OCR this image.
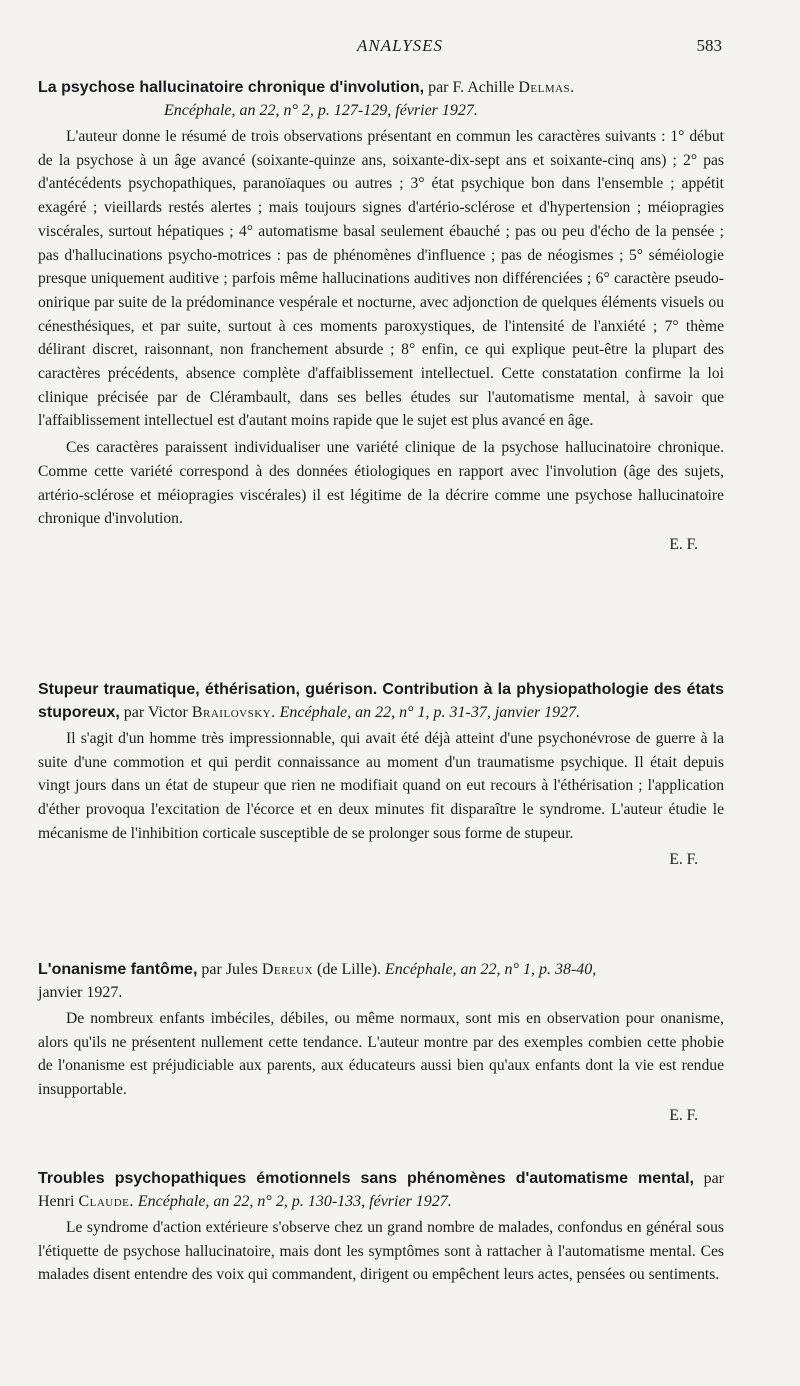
ANALYSES	583

La psychose hallucinatoire chronique d'involution, par F. Achille Delmas.
Encéphale, an 22, n° 2, p. 127-129, février 1927.

L'auteur donne le résumé de trois observations présentant en commun les caractères suivants : 1° début de la psychose à un âge avancé (soixante-quinze ans, soixante-dix-sept ans et soixante-cinq ans) ; 2° pas d'antécédents psychopathiques, paranoïaques ou autres ; 3° état psychique bon dans l'ensemble ; appétit exagéré ; vieillards restés alertes ; mais toujours signes d'artério-sclérose et d'hypertension ; méiopragies viscérales, surtout hépatiques ; 4° automatisme basal seulement ébauché ; pas ou peu d'écho de la pensée ; pas d'hallucinations psycho-motrices : pas de phénomènes d'influence ; pas de néogismes ; 5° séméiologie presque uniquement auditive ; parfois même hallucinations auditives non différenciées ; 6° caractère pseudo-onirique par suite de la prédominance vespérale et nocturne, avec adjonction de quelques éléments visuels ou cénesthésiques, et par suite, surtout à ces moments paroxystiques, de l'intensité de l'anxiété ; 7° thème délirant discret, raisonnant, non franchement absurde ; 8° enfin, ce qui explique peut-être la plupart des caractères précédents, absence complète d'affaiblissement intellectuel. Cette constatation confirme la loi clinique précisée par de Clérambault, dans ses belles études sur l'automatisme mental, à savoir que l'affaiblissement intellectuel est d'autant moins rapide que le sujet est plus avancé en âge.

Ces caractères paraissent individualiser une variété clinique de la psychose hallucinatoire chronique. Comme cette variété correspond à des données étiologiques en rapport avec l'involution (âge des sujets, artério-sclérose et méiopragies viscérales) il est légitime de la décrire comme une psychose hallucinatoire chronique d'involution.

E. F.

Stupeur traumatique, éthérisation, guérison. Contribution à la physiopathologie des états stuporeux, par Victor Brailovsky. Encéphale, an 22, n° 1, p. 31-37, janvier 1927.

Il s'agit d'un homme très impressionnable, qui avait été déjà atteint d'une psychonévrose de guerre à la suite d'une commotion et qui perdit connaissance au moment d'un traumatisme psychique. Il était depuis vingt jours dans un état de stupeur que rien ne modifiait quand on eut recours à l'éthérisation ; l'application d'éther provoqua l'excitation de l'écorce et en deux minutes fit disparaître le syndrome. L'auteur étudie le mécanisme de l'inhibition corticale susceptible de se prolonger sous forme de stupeur.

E. F.

L'onanisme fantôme, par Jules Dereux (de Lille). Encéphale, an 22, n° 1, p. 38-40,
janvier 1927.

De nombreux enfants imbéciles, débiles, ou même normaux, sont mis en observation pour onanisme, alors qu'ils ne présentent nullement cette tendance. L'auteur montre par des exemples combien cette phobie de l'onanisme est préjudiciable aux parents, aux éducateurs aussi bien qu'aux enfants dont la vie est rendue insupportable.

E. F.

Troubles psychopathiques émotionnels sans phénomènes d'automatisme mental, par Henri Claude. Encéphale, an 22, n° 2, p. 130-133, février 1927.

Le syndrome d'action extérieure s'observe chez un grand nombre de malades, confondus en général sous l'étiquette de psychose hallucinatoire, mais dont les symptômes sont à rattacher à l'automatisme mental. Ces malades disent entendre des voix qui commandent, dirigent ou empêchent leurs actes, pensées ou sentiments.
